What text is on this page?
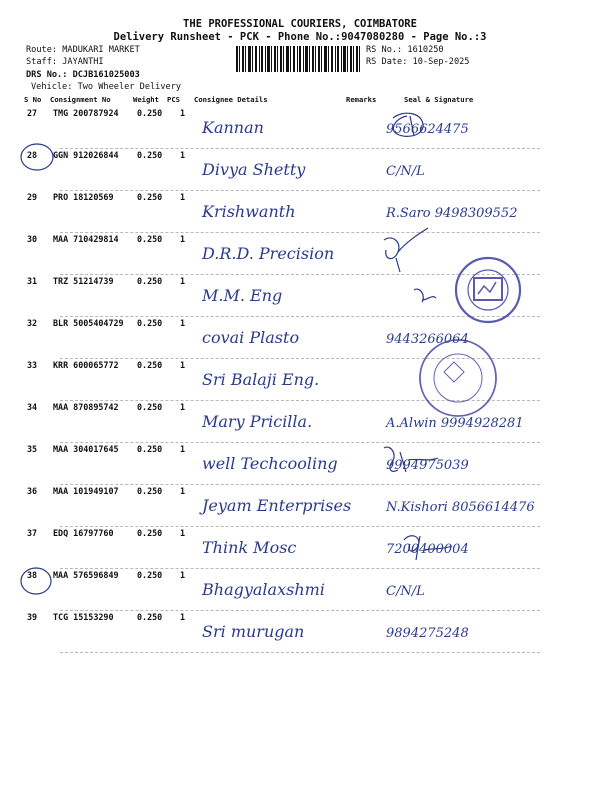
THE PROFESSIONAL COURIERS, COIMBATORE
Delivery Runsheet - PCK - Phone No.:9047080280 - Page No.:3
Route: MADUKARI MARKET
Staff: JAYANTHI
DRS No.: DCJB161025003
Vehicle: Two Wheeler Delivery
RS No.: 1610250
RS Date: 10-Sep-2025
S No Consignment No	Weight PCS Consignee Details	Remarks	Seal & Signature
27 TMG 200787924 0.250 1
Kannan	9566624475
28 GGN 912026844 0.250 1
Divya Shetty	C/N/L
29 PRO 18120569	0.250 1
Krishwanth	R.Saro 9498309552
30 MAA 710429814 0.250 1
D.R.D. Precision
31 TRZ 51214739	0.250 1
M.M. Eng
32 BLR 5005404729 0.250 1
covai Plasto	9443266064
33 KRR 600065772 0.250 1
Sri Balaji Eng.
34 MAA 870895742 0.250 1
Mary Pricilla.	A.Alwin 9994928281
35 MAA 304017645 0.250 1
well Techcooling	9994975039
36 MAA 101949107 0.250 1
Jeyam Enterprises	N.Kishori 8056614476
37 EDQ 16797760	0.250 1
Think Mosc	7200400004
38 MAA 576596849 0.250 1
Bhagyalaxshmi	C/N/L
39 TCG 15153290	0.250 1
Sri murugan	9894275248
